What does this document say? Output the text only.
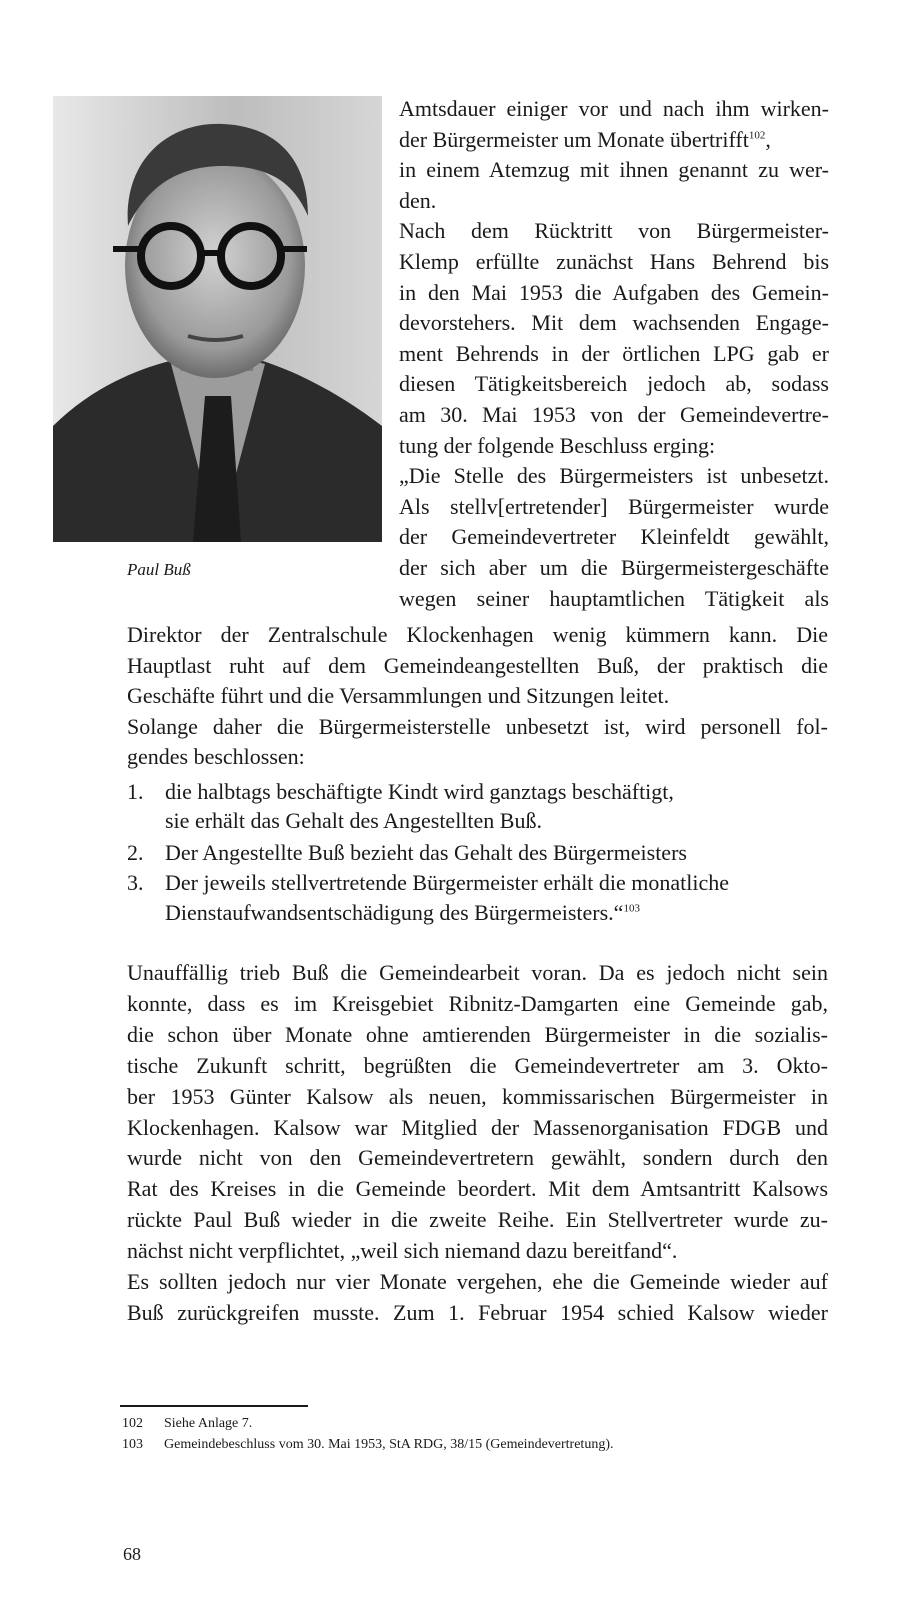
Paul Buß
102 Siehe Anlage 7.
103 Gemeindebeschluss vom 30. Mai 1953, StA RDG, 38/15 (Gemeindevertretung).
68
Amtsdauer einiger vor und nach ihm wirken-
der Bürgermeister um Monate übertrifft$^{102}$,
in einem Atemzug mit ihnen genannt zu wer-
den.
Nach dem Rücktritt von Bürgermeister-
Klemp erfüllte zunächst Hans Behrend bis
in den Mai 1953 die Aufgaben des Gemein-
devorstehers. Mit dem wachsenden Engage-
ment Behrends in der örtlichen LPG gab er
diesen Tätigkeitsbereich jedoch ab, sodass
am 30. Mai 1953 von der Gemeindevertre-
tung der folgende Beschluss erging:
„Die Stelle des Bürgermeisters ist unbesetzt.
Als stellv[ertretender] Bürgermeister wurde
der Gemeindevertreter Kleinfeldt gewählt,
der sich aber um die Bürgermeistergeschäfte
wegen seiner hauptamtlichen Tätigkeit als
Direktor der Zentralschule Klockenhagen wenig kümmern kann. Die
Hauptlast ruht auf dem Gemeindeangestellten Buß, der praktisch die
Geschäfte führt und die Versammlungen und Sitzungen leitet.
Solange daher die Bürgermeisterstelle unbesetzt ist, wird personell fol-
gendes beschlossen:
1. die halbtags beschäftigte Kindt wird ganztags beschäftigt,
sie erhält das Gehalt des Angestellten Buß.
2. Der Angestellte Buß bezieht das Gehalt des Bürgermeisters
3. Der jeweils stellvertretende Bürgermeister erhält die monatliche
Dienstaufwandsentschädigung des Bürgermeisters.“$^{103}$
Unauffällig trieb Buß die Gemeindearbeit voran. Da es jedoch nicht sein
konnte, dass es im Kreisgebiet Ribnitz-Damgarten eine Gemeinde gab,
die schon über Monate ohne amtierenden Bürgermeister in die sozialis-
tische Zukunft schritt, begrüßten die Gemeindevertreter am 3. Okto-
ber 1953 Günter Kalsow als neuen, kommissarischen Bürgermeister in
Klockenhagen. Kalsow war Mitglied der Massenorganisation FDGB und
wurde nicht von den Gemeindevertretern gewählt, sondern durch den
Rat des Kreises in die Gemeinde beordert. Mit dem Amtsantritt Kalsows
rückte Paul Buß wieder in die zweite Reihe. Ein Stellvertreter wurde zu-
nächst nicht verpflichtet, „weil sich niemand dazu bereitfand“.
Es sollten jedoch nur vier Monate vergehen, ehe die Gemeinde wieder auf
Buß zurückgreifen musste. Zum 1. Februar 1954 schied Kalsow wieder
